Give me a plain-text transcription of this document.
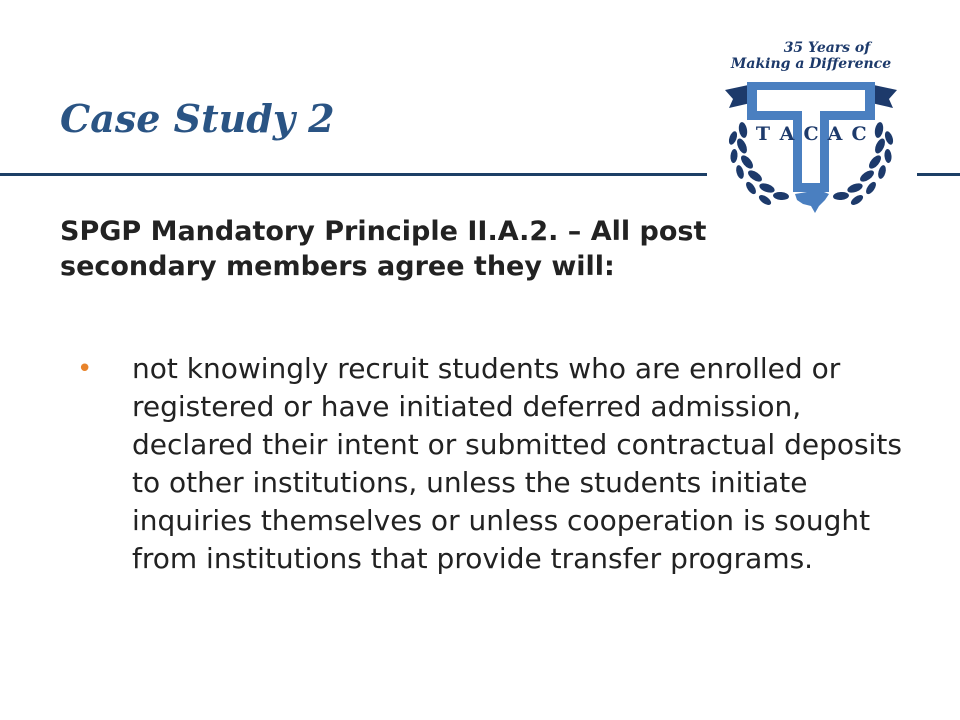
Case Study 2
35 Years of
Making a Difference
T A C A C
SPGP Mandatory Principle II.A.2. – All post secondary members agree they will:
• not knowingly recruit students who are enrolled or registered or have initiated deferred admission, declared their intent or submitted contractual deposits to other institutions, unless the students initiate inquiries themselves or unless cooperation is sought from institutions that provide transfer programs.
